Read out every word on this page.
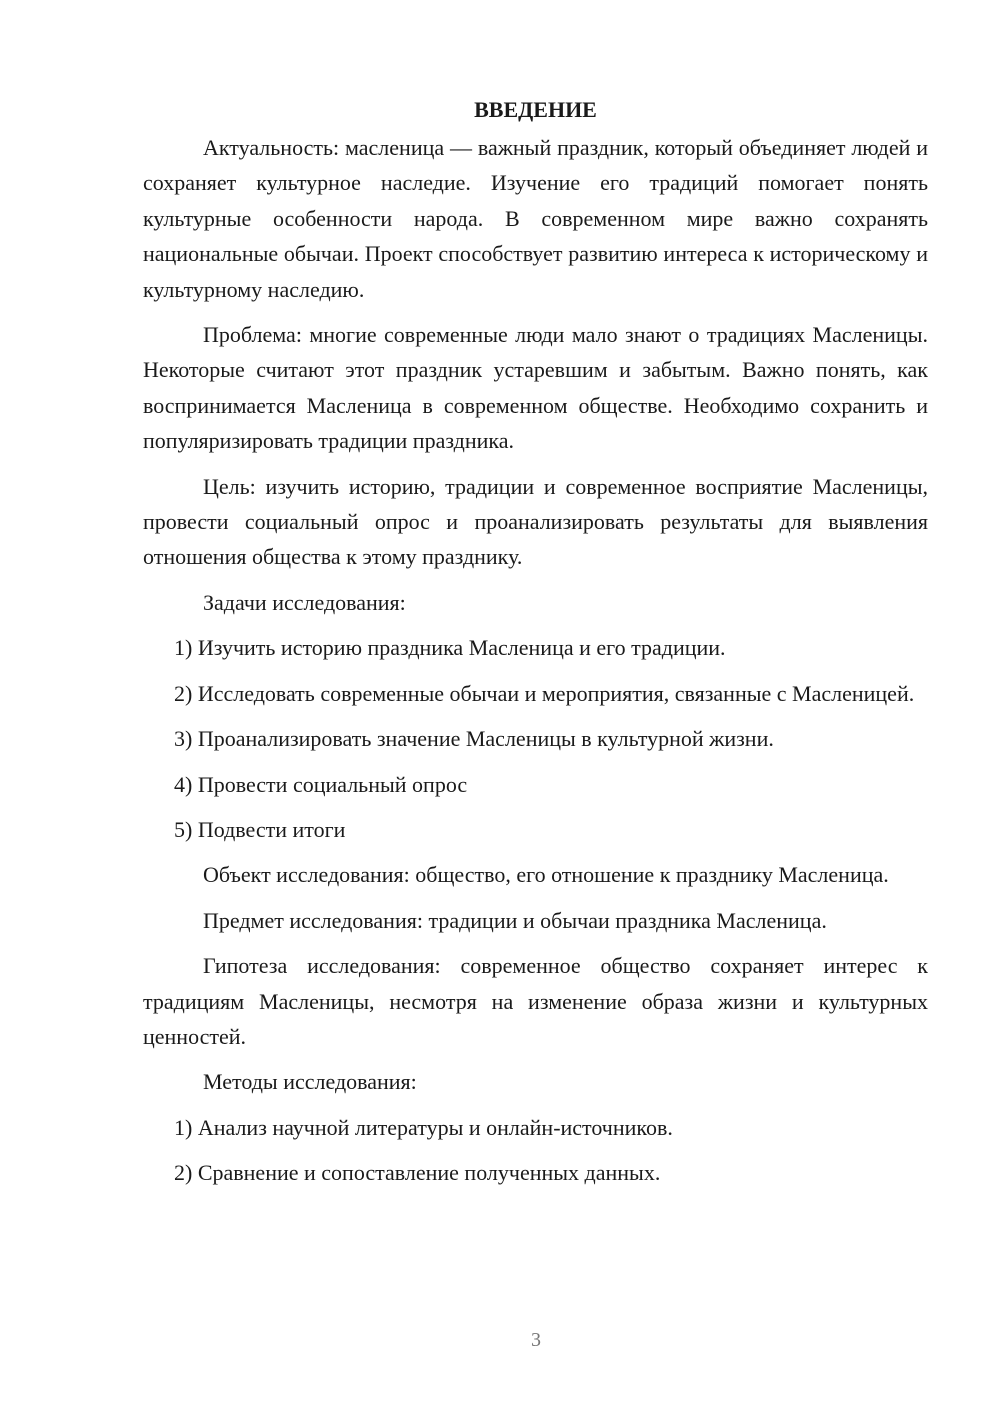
ВВЕДЕНИЕ

Актуальность: масленица — важный праздник, который объединяет людей и сохраняет культурное наследие. Изучение его традиций помогает понять культурные особенности народа. В современном мире важно сохранять национальные обычаи. Проект способствует развитию интереса к историческому и культурному наследию.

Проблема: многие современные люди мало знают о традициях Масленицы. Некоторые считают этот праздник устаревшим и забытым. Важно понять, как воспринимается Масленица в современном обществе. Необходимо сохранить и популяризировать традиции праздника.

Цель: изучить историю, традиции и современное восприятие Масленицы, провести социальный опрос и проанализировать результаты для выявления отношения общества к этому празднику.

Задачи исследования:

1) Изучить историю праздника Масленица и его традиции.

2) Исследовать современные обычаи и мероприятия, связанные с Масленицей.

3) Проанализировать значение Масленицы в культурной жизни.

4) Провести социальный опрос

5) Подвести итоги

Объект исследования: общество, его отношение к празднику Масленица.

Предмет исследования: традиции и обычаи праздника Масленица.

Гипотеза исследования: современное общество сохраняет интерес к традициям Масленицы, несмотря на изменение образа жизни и культурных ценностей.

Методы исследования:

1) Анализ научной литературы и онлайн-источников.

2) Сравнение и сопоставление полученных данных.

3
